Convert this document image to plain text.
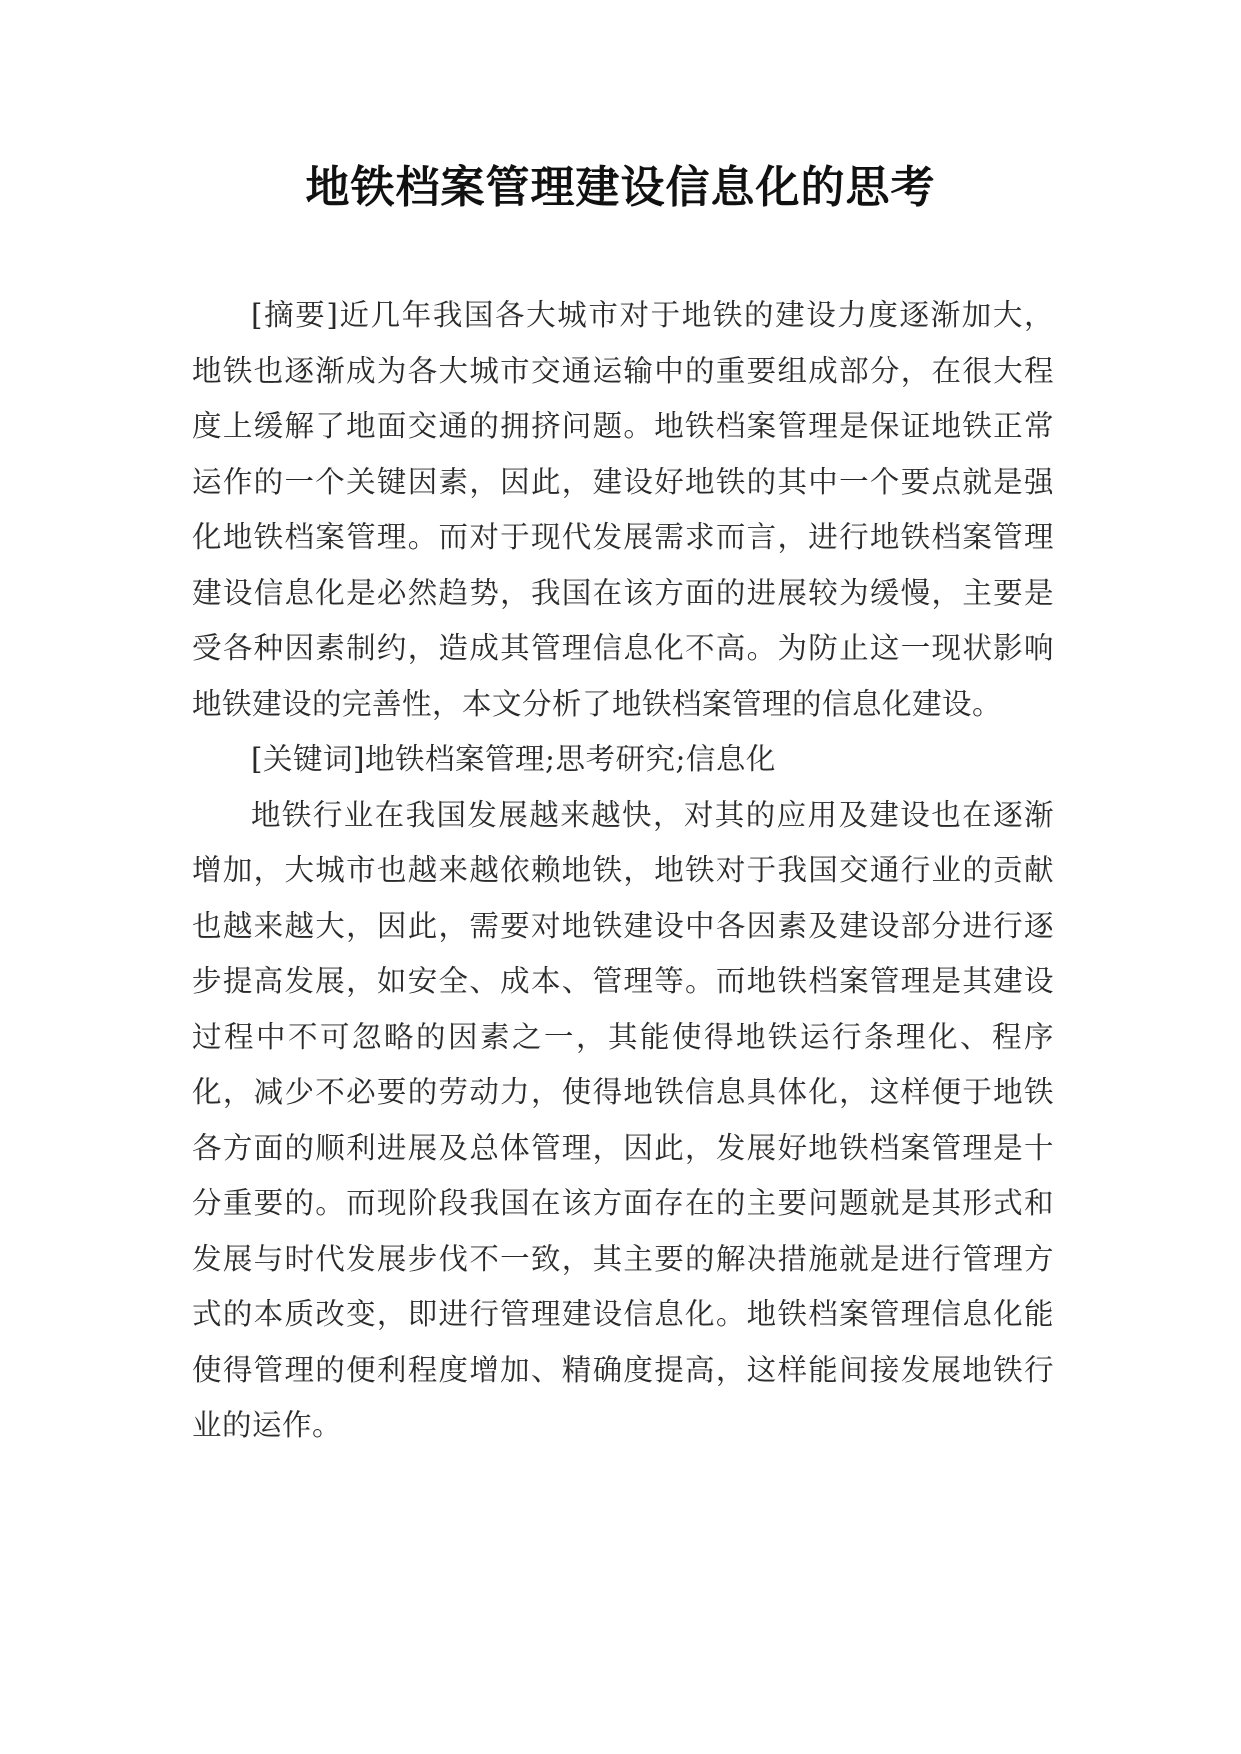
地铁档案管理建设信息化的思考

[摘要]近几年我国各大城市对于地铁的建设力度逐渐加大，地铁也逐渐成为各大城市交通运输中的重要组成部分，在很大程度上缓解了地面交通的拥挤问题。地铁档案管理是保证地铁正常运作的一个关键因素，因此，建设好地铁的其中一个要点就是强化地铁档案管理。而对于现代发展需求而言，进行地铁档案管理建设信息化是必然趋势，我国在该方面的进展较为缓慢，主要是受各种因素制约，造成其管理信息化不高。为防止这一现状影响地铁建设的完善性，本文分析了地铁档案管理的信息化建设。

[关键词]地铁档案管理;思考研究;信息化

地铁行业在我国发展越来越快，对其的应用及建设也在逐渐增加，大城市也越来越依赖地铁，地铁对于我国交通行业的贡献也越来越大，因此，需要对地铁建设中各因素及建设部分进行逐步提高发展，如安全、成本、管理等。而地铁档案管理是其建设过程中不可忽略的因素之一，其能使得地铁运行条理化、程序化，减少不必要的劳动力，使得地铁信息具体化，这样便于地铁各方面的顺利进展及总体管理，因此，发展好地铁档案管理是十分重要的。而现阶段我国在该方面存在的主要问题就是其形式和发展与时代发展步伐不一致，其主要的解决措施就是进行管理方式的本质改变，即进行管理建设信息化。地铁档案管理信息化能使得管理的便利程度增加、精确度提高，这样能间接发展地铁行业的运作。
